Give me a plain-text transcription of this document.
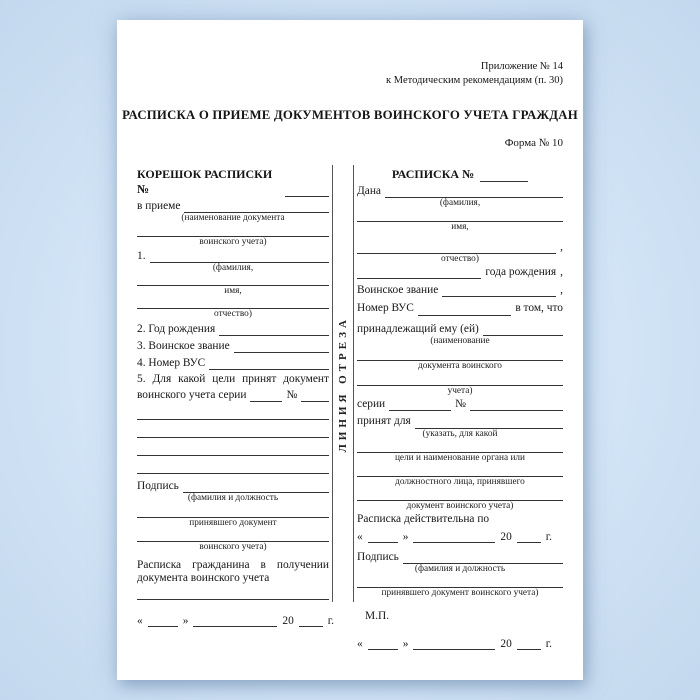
Приложение № 14
к Методическим рекомендациям (п. 30)
РАСПИСКА О ПРИЕМЕ ДОКУМЕНТОВ ВОИНСКОГО УЧЕТА ГРАЖДАН
Форма № 10
КОРЕШОК РАСПИСКИ №
в приеме
(наименование документа
воинского учета)
1.
(фамилия,
имя,
отчество)
2. Год рождения
3. Воинское звание
4. Номер ВУС
5. Для какой цели принят документ
воинского учета серии	№
Подпись
(фамилия и должность
принявшего документ
воинского учета)
Расписка гражданина в получении
документа воинского учета
«	»	20	г.
ЛИНИЯ ОТРЕЗА
РАСПИСКА №
Дана
(фамилия,
имя,
,
отчество)
года рождения ,
Воинское звание	,
Номер ВУС	в том, что
принадлежащий ему (ей)
(наименование
документа воинского
учета)
серии	№
принят для
(указать, для какой
цели и наименование органа или
должностного лица, принявшего
документ воинского учета)
Расписка действительна по
«	»	20	г.
Подпись
(фамилия и должность
принявшего документ воинского учета)
М.П.
«	»	20	г.
